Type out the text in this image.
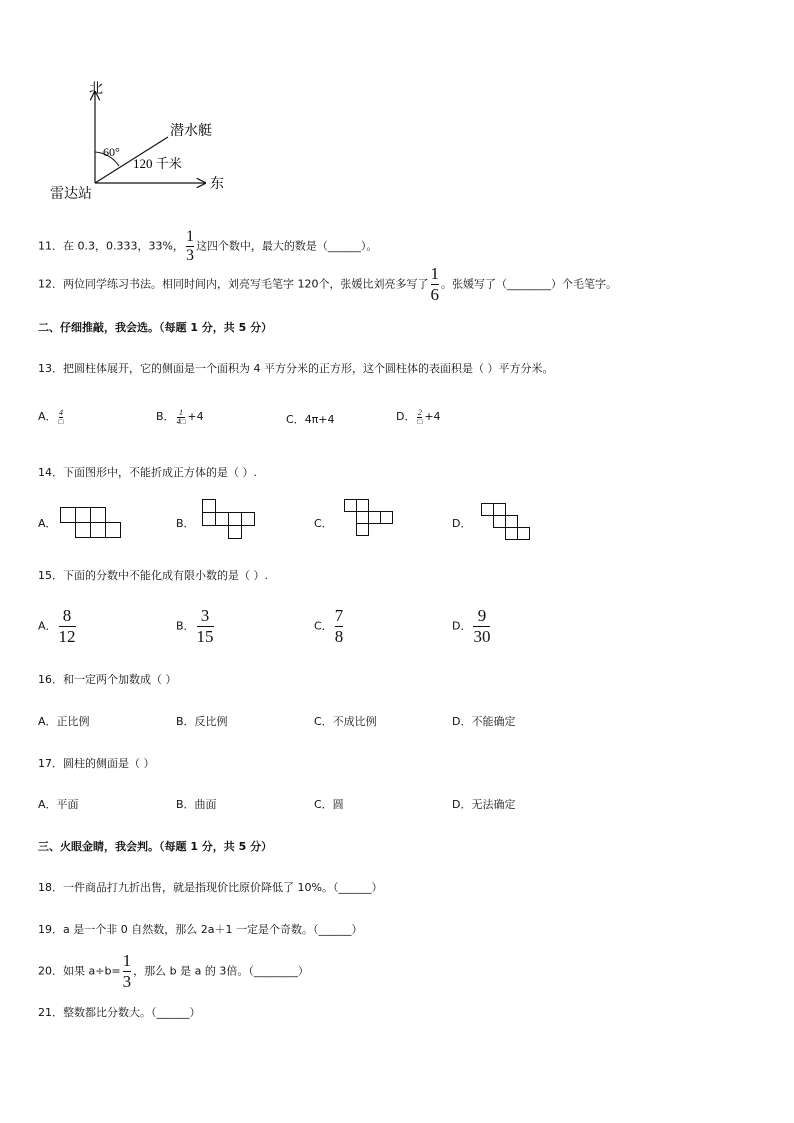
北
东
雷达站
潜水艇
60°
120 千米
11．在 0.3，0.333，33%， $\frac{1}{3}$ 这四个数中，最大的数是（______）。
12．两位同学练习书法。相同时间内，刘亮写毛笔字 120个，张媛比刘亮多写了 $\frac{1}{6}$ 。张媛写了（________）个毛笔字。
二、仔细推敲，我会选。（每题 1 分，共 5 分）
13．把圆柱体展开，它的侧面是一个面积为 4 平方分米的正方形，这个圆柱体的表面积是（ ）平方分米。
A． $\frac{4}{□}$	B． $\frac{1}{4□} +4$	C．4π+4	D． $\frac{2}{□} +4$
14．下面图形中，不能折成正方体的是（ ）.
A．	B．	C．	D．
15．下面的分数中不能化成有限小数的是（ ）.
A． $\frac{8}{12}$	B． $\frac{3}{15}$	C． $\frac{7}{8}$	D． $\frac{9}{30}$
16．和一定两个加数成（ ）
A．正比例	B．反比例	C．不成比例	D．不能确定
17．圆柱的侧面是（ ）
A．平面	B．曲面	C．圆	D．无法确定
三、火眼金睛，我会判。（每题 1 分，共 5 分）
18．一件商品打九折出售，就是指现价比原价降低了 10%。（______）
19．a 是一个非 0 自然数，那么 2a＋1 一定是个奇数。（______）
20．如果 $a\div b= \frac{1}{3}$ ，那么 b 是 a 的 3倍。（________）
21．整数都比分数大。（______）
